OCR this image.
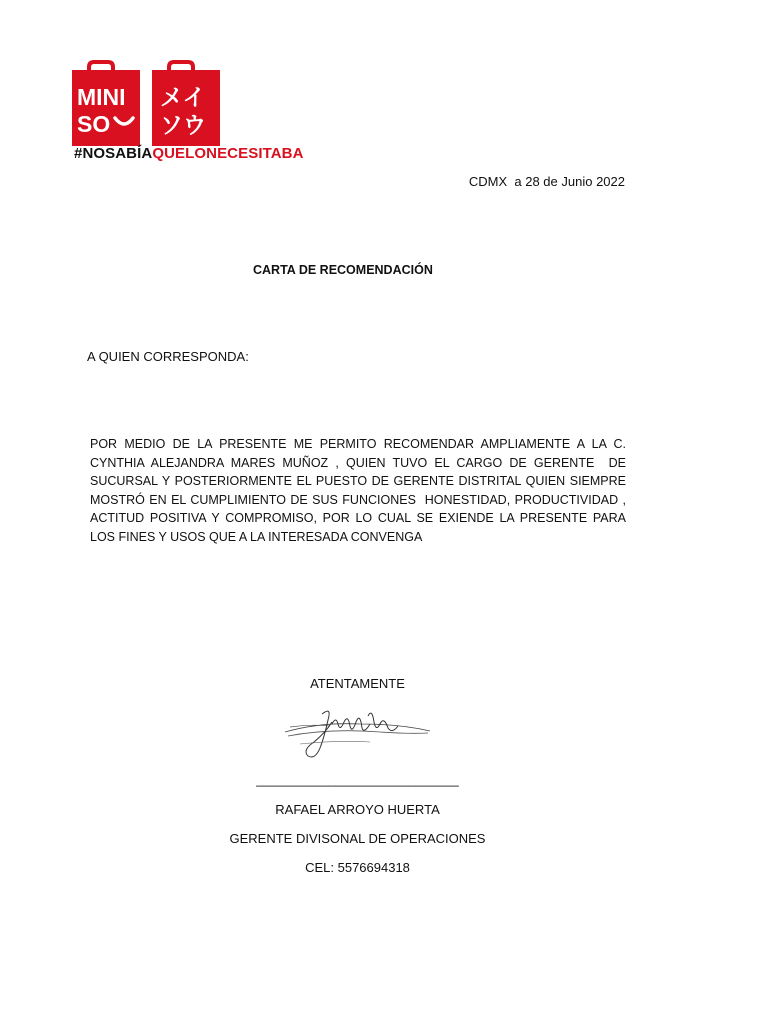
MINI
SO
メイ
ソウ
#NOSABÍAQUELONECESITABA
CDMX  a 28 de Junio 2022
CARTA DE RECOMENDACIÓN
A QUIEN CORRESPONDA:
POR MEDIO DE LA PRESENTE ME PERMITO RECOMENDAR AMPLIAMENTE A LA C. CYNTHIA ALEJANDRA MARES MUÑOZ , QUIEN TUVO EL CARGO DE GERENTE  DE SUCURSAL Y POSTERIORMENTE EL PUESTO DE GERENTE DISTRITAL QUIEN SIEMPRE MOSTRÓ EN EL CUMPLIMIENTO DE SUS FUNCIONES  HONESTIDAD, PRODUCTIVIDAD , ACTITUD POSITIVA Y COMPROMISO, POR LO CUAL SE EXIENDE LA PRESENTE PARA LOS FINES Y USOS QUE A LA INTERESADA CONVENGA
ATENTAMENTE
____________________________
RAFAEL ARROYO HUERTA
GERENTE DIVISONAL DE OPERACIONES
CEL: 5576694318
